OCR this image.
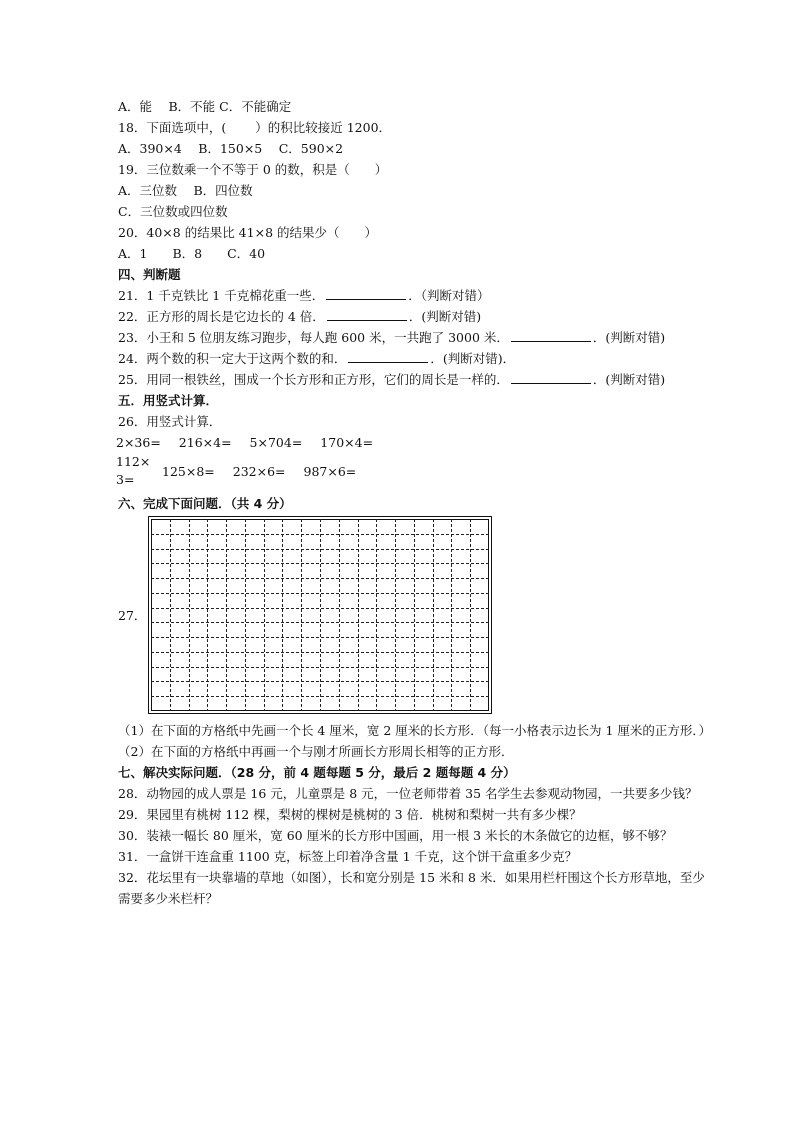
A．能　 B．不能 C．不能确定
18．下面选项中，(　　 ）的积比较接近 1200．
A．390×4　 B．150×5　 C．590×2
19．三位数乘一个不等于 0 的数，积是（　　）
A．三位数　 B．四位数
C．三位数或四位数
20．40×8 的结果比 41×8 的结果少（　　）
A．1　　B．8　　C．40
四、判断题
21．1 千克铁比 1 千克棉花重一些．	．（判断对错）
22．正方形的周长是它边长的 4 倍．	．(判断对错)
23．小王和 5 位朋友练习跑步，每人跑 600 米，一共跑了 3000 米．	．(判断对错)
24．两个数的积一定大于这两个数的和．	．(判断对错)．
25．用同一根铁丝，围成一个长方形和正方形，它们的周长是一样的．	．(判断对错)
五．用竖式计算．
26．用竖式计算．
2×36= 216×4= 5×704= 170×4=
112×
3=
125×8= 232×6= 987×6=
六、完成下面问题．（共 4 分）
27．
（1）在下面的方格纸中先画一个长 4 厘米，宽 2 厘米的长方形．（每一小格表示边长为 1 厘米的正方形．）
（2）在下面的方格纸中再画一个与刚才所画长方形周长相等的正方形．
七、解决实际问题．（28 分，前 4 题每题 5 分，最后 2 题每题 4 分）
28．动物园的成人票是 16 元，儿童票是 8 元，一位老师带着 35 名学生去参观动物园，一共要多少钱？
29．果园里有桃树 112 棵，梨树的棵树是桃树的 3 倍．桃树和梨树一共有多少棵？
30．装裱一幅长 80 厘米，宽 60 厘米的长方形中国画，用一根 3 米长的木条做它的边框，够不够？
31．一盒饼干连盒重 1100 克，标签上印着净含量 1 千克，这个饼干盒重多少克？
32．花坛里有一块靠墙的草地（如图），长和宽分别是 15 米和 8 米．如果用栏杆围这个长方形草地，至少需要多少米栏杆？
